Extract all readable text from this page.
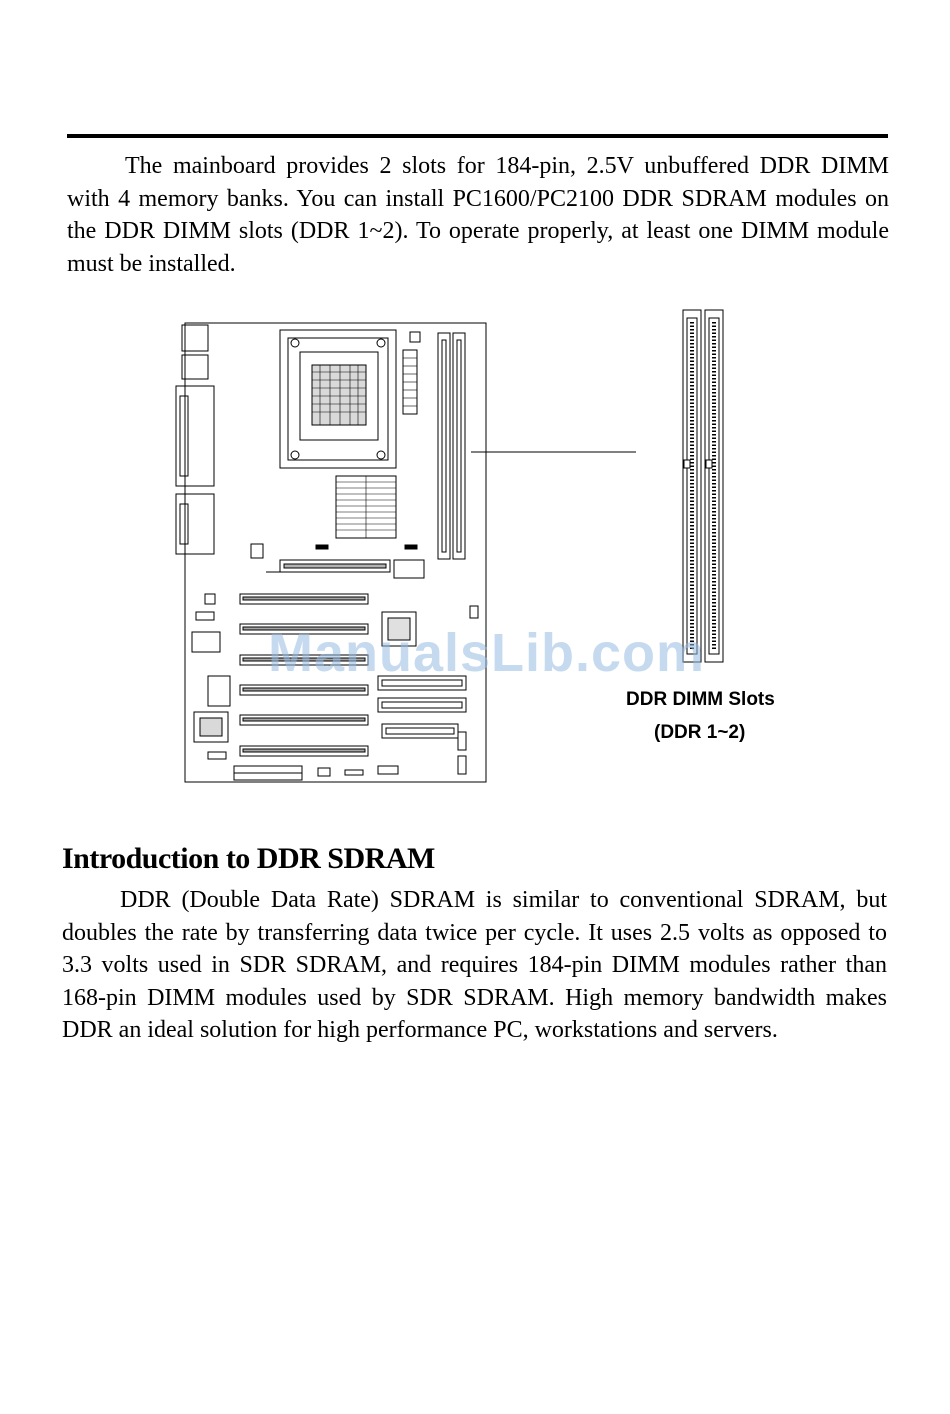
The mainboard provides 2 slots for 184-pin, 2.5V unbuffered DDR DIMM with 4 memory banks. You can install PC1600/PC2100 DDR SDRAM modules on the DDR DIMM slots (DDR 1~2). To operate properly, at least one DIMM module must be installed.

DDR DIMM Slots
(DDR 1~2)
ManualsLib.com
Introduction to DDR SDRAM

DDR (Double Data Rate) SDRAM is similar to conventional SDRAM, but doubles the rate by transferring data twice per cycle. It uses 2.5 volts as opposed to 3.3 volts used in SDR SDRAM, and requires 184-pin DIMM modules rather than 168-pin DIMM modules used by SDR SDRAM. High memory bandwidth makes DDR an ideal solution for high performance PC, workstations and servers.
